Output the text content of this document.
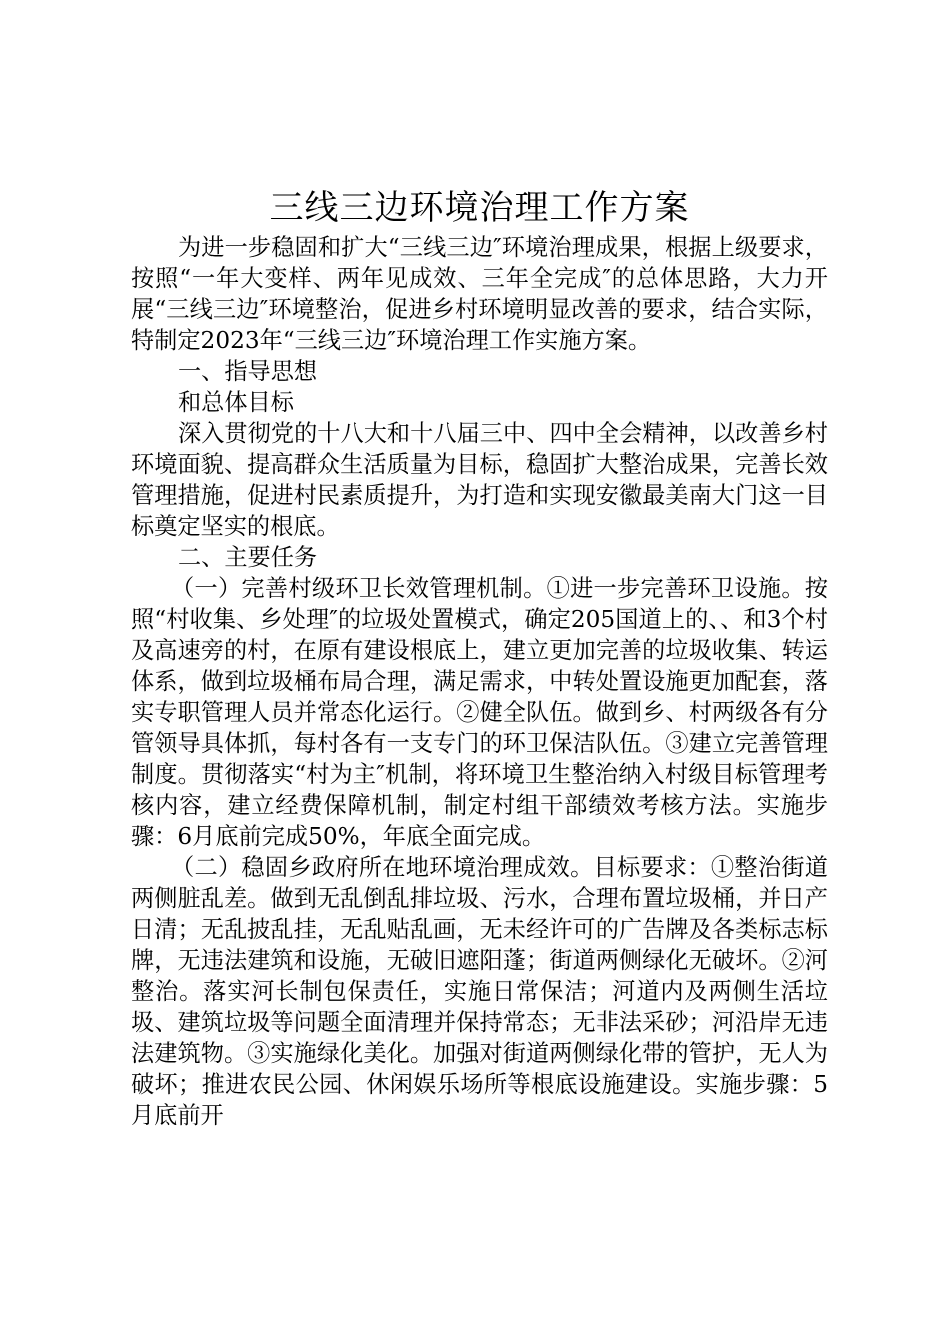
三线三边环境治理工作方案

为进一步稳固和扩大“三线三边″环境治理成果，根据上级要求，按照“一年大变样、两年见成效、三年全完成″的总体思路，大力开展“三线三边″环境整治，促进乡村环境明显改善的要求，结合实际，特制定2023年“三线三边″环境治理工作实施方案。

一、指导思想

和总体目标

深入贯彻党的十八大和十八届三中、四中全会精神，以改善乡村环境面貌、提高群众生活质量为目标，稳固扩大整治成果，完善长效管理措施，促进村民素质提升，为打造和实现安徽最美南大门这一目标奠定坚实的根底。

二、主要任务

（一）完善村级环卫长效管理机制。①进一步完善环卫设施。按照“村收集、乡处理″的垃圾处置模式，确定205国道上的、、和3个村及高速旁的村，在原有建设根底上，建立更加完善的垃圾收集、转运体系，做到垃圾桶布局合理，满足需求，中转处置设施更加配套，落实专职管理人员并常态化运行。②健全队伍。做到乡、村两级各有分管领导具体抓，每村各有一支专门的环卫保洁队伍。③建立完善管理制度。贯彻落实“村为主″机制，将环境卫生整治纳入村级目标管理考核内容，建立经费保障机制，制定村组干部绩效考核方法。实施步骤：6月底前完成50%，年底全面完成。

（二）稳固乡政府所在地环境治理成效。目标要求：①整治街道两侧脏乱差。做到无乱倒乱排垃圾、污水，合理布置垃圾桶，并日产日清；无乱披乱挂，无乱贴乱画，无未经许可的广告牌及各类标志标牌，无违法建筑和设施，无破旧遮阳蓬；街道两侧绿化无破坏。②河整治。落实河长制包保责任，实施日常保洁；河道内及两侧生活垃圾、建筑垃圾等问题全面清理并保持常态；无非法采砂；河沿岸无违法建筑物。③实施绿化美化。加强对街道两侧绿化带的管护，无人为破坏；推进农民公园、休闲娱乐场所等根底设施建设。实施步骤：5月底前开
